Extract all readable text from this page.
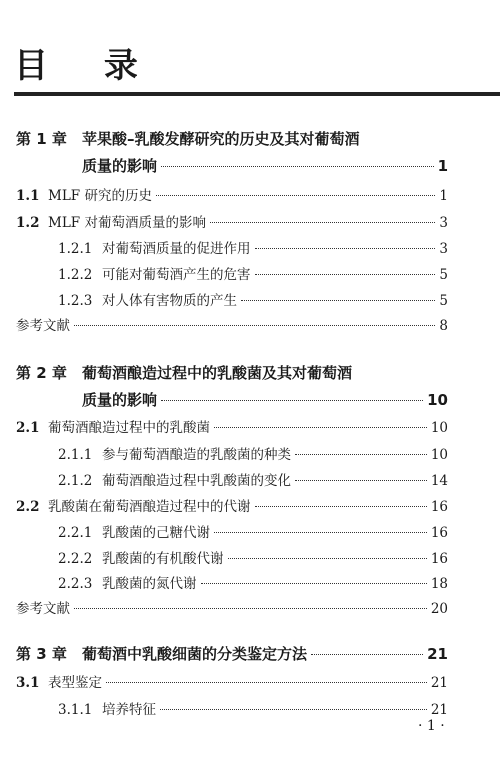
目 录
第 1 章	苹果酸–乳酸发酵研究的历史及其对葡萄酒
质量的影响	1
1.1 MLF 研究的历史	1
1.2 MLF 对葡萄酒质量的影响	3
1.2.1 对葡萄酒质量的促进作用	3
1.2.2 可能对葡萄酒产生的危害	5
1.2.3 对人体有害物质的产生	5
参考文献	8
第 2 章	葡萄酒酿造过程中的乳酸菌及其对葡萄酒
质量的影响	10
2.1 葡萄酒酿造过程中的乳酸菌	10
2.1.1 参与葡萄酒酿造的乳酸菌的种类	10
2.1.2 葡萄酒酿造过程中乳酸菌的变化	14
2.2 乳酸菌在葡萄酒酿造过程中的代谢	16
2.2.1 乳酸菌的己糖代谢	16
2.2.2 乳酸菌的有机酸代谢	16
2.2.3 乳酸菌的氮代谢	18
参考文献	20
第 3 章	葡萄酒中乳酸细菌的分类鉴定方法	21
3.1 表型鉴定	21
3.1.1 培养特征	21
· 1 ·
